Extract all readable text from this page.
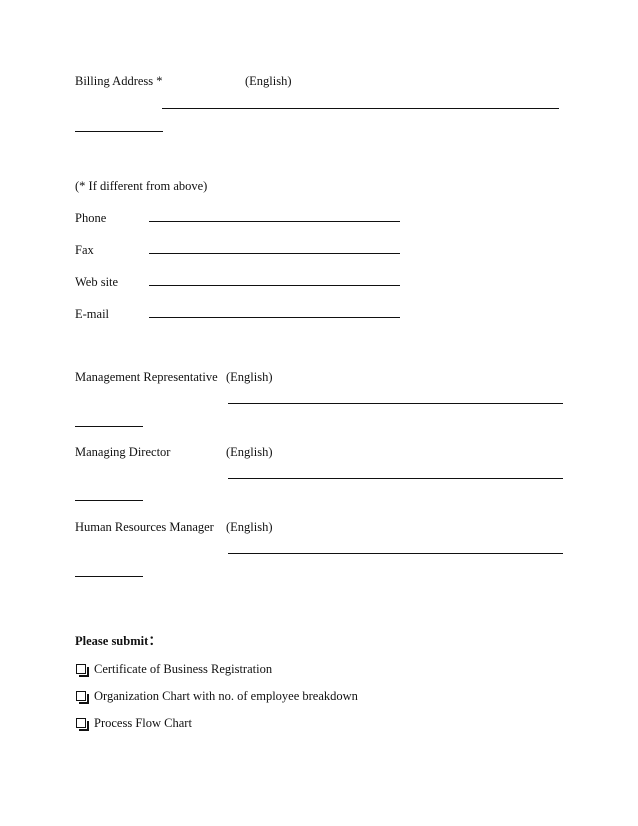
Billing Address *	(English)
(* If different from above)
Phone
Fax
Web site
E-mail
Management Representative (English)
Managing Director	(English)
Human Resources Manager (English)
Please submit：
Certificate of Business Registration
Organization Chart with no. of employee breakdown
Process Flow Chart
